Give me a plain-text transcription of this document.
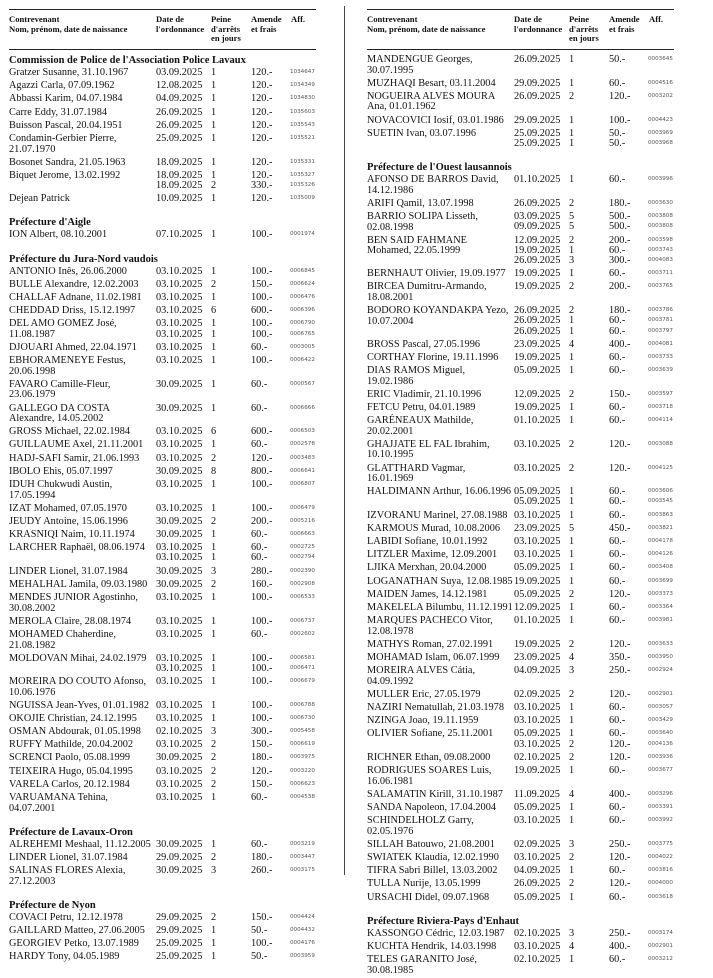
Contrevenant
Nom, prénom, date de naissance
Date de
l'ordonnance
Peine
d'arrêts
en jours
Amende
et frais
Aff.
Commission de Police de l'Association Police Lavaux
Gratzer Susanne, 31.10.1967	03.09.2025 1	120.-	1034647
Agazzi Carla, 07.09.1962	12.08.2025 1	120.-	1034349
Abbassi Karim, 04.07.1984	04.09.2025 1	120.-	1034830
Carre Eddy, 31.07.1984	26.09.2025 1	120.-	1035603
Buisson Pascal, 20.04.1951	26.09.2025 1	120.-	1035543
Condamin-Gerbier Pierre, 21.07.1970
25.09.2025 1	120.-	1035521
Bosonet Sandra, 21.05.1963	18.09.2025 1	120.-	1035331
Biquet Jerome, 13.02.1992	18.09.2025 1	120.-	1035327
18.09.2025 2	330.-	1035326
Dejean Patrick	10.09.2025 1	120.-	1035009
Préfecture d'Aigle
ION Albert, 08.10.2001	07.10.2025 1	100.-	0001974
Préfecture du Jura-Nord vaudois
ANTONIO Inês, 26.06.2000	03.10.2025 1	100.-	0006845
BULLE Alexandre, 12.02.2003	03.10.2025 2	150.-	0006624
CHALLAF Adnane, 11.02.1981	03.10.2025 1	100.-	0006476
CHEDDAD Driss, 15.12.1997	03.10.2025 6	600.-	0006396
DEL AMO GOMEZ José, 11.08.1987
03.10.2025 1	100.-	0006790
03.10.2025 1	100.-	0006765
DJOUARI Ahmed, 22.04.1971	03.10.2025 1	60.-	0003005
EBHORAMENEYE Festus, 20.06.1998
03.10.2025 1	100.-	0006422
FAVARO Camille-Fleur, 23.06.1979
30.09.2025 1	60.-	0000567
GALLEGO DA COSTA Alexandre, 14.05.2002
30.09.2025 1	60.-	0006666
GROSS Michael, 22.02.1984	03.10.2025 6	600.-	0006503
GUILLAUME Axel, 21.11.2001	03.10.2025 1	60.-	0002578
HADJ-SAFI Samir, 21.06.1993	03.10.2025 2	120.-	0003483
IBOLO Ehis, 05.07.1997	30.09.2025 8	800.-	0006641
IDUH Chukwudi Austin, 17.05.1994
03.10.2025 1	100.-	0006807
IZAT Mohamed, 07.05.1970	03.10.2025 1	100.-	0006479
JEUDY Antoine, 15.06.1996	30.09.2025 2	200.-	0005216
KRASNIQI Naim, 10.11.1974	30.09.2025 1	60.-	0006663
LARCHER Raphaël, 08.06.1974	03.10.2025 1	60.-	0002725
03.10.2025 1	60.-	0002794
LINDER Lionel, 31.07.1984	30.09.2025 3	280.-	0002390
MEHALHAL Jamila, 09.03.1980 30.09.2025 2	160.-	0002908
MENDES JUNIOR Agostinho, 30.08.2002
03.10.2025 1	100.-	0006533
MEROLA Claire, 28.08.1974	03.10.2025 1	100.-	0006737
MOHAMED Chaherdine, 21.08.1982
03.10.2025 1	60.-	0002602
MOLDOVAN Mihai, 24.02.1979 03.10.2025 1	100.-	0006581
03.10.2025 1	100.-	0006471
MOREIRA DO COUTO Afonso, 10.06.1976
03.10.2025 1	100.-	0006679
NGUISSA Jean-Yves, 01.01.1982 03.10.2025 1	100.-	0006788
OKOJIE Christian, 24.12.1995	03.10.2025 1	100.-	0006730
OSMAN Abdourak, 01.05.1998	02.10.2025 3	300.-	0005458
RUFFY Mathilde, 20.04.2002	03.10.2025 2	150.-	0006619
SCRENCI Paolo, 05.08.1999	30.09.2025 2	180.-	0003975
TEIXEIRA Hugo, 05.04.1995	03.10.2025 2	120.-	0003220
VARELA Carlos, 20.12.1984	03.10.2025 2	150.-	0006623
VARUAMANA Tehina, 04.07.2001
03.10.2025 1	60.-	0004538
Préfecture de Lavaux-Oron
ALREHEMI Meshaal, 11.12.2005 30.09.2025 1	60.-	0003219
LINDER Lionel, 31.07.1984	29.09.2025 2	180.-	0003447
SALINAS FLORES Alexia, 27.12.2003
30.09.2025 3	260.-	0003175
Préfecture de Nyon
COVACI Petru, 12.12.1978	29.09.2025 2	150.-	0004424
GAILLARD Matteo, 27.06.2005	29.09.2025 1	50.-	0004432
GEORGIEV Petko, 13.07.1989	25.09.2025 1	100.-	0004176
HARDY Tony, 04.05.1989	25.09.2025 1	50.-	0003959
Contrevenant
Nom, prénom, date de naissance
Date de
l'ordonnance
Peine
d'arrêts
en jours
Amende
et frais
Aff.
MANDENGUE Georges, 30.07.1995
26.09.2025 1	50.-	0003645
MUZHAQI Besart, 03.11.2004	29.09.2025 1	60.-	0004516
NOGUEIRA ALVES MOURA Ana, 01.01.1962
26.09.2025 2	120.-	0003202
NOVACOVICI Iosif, 03.01.1986 29.09.2025 1	100.-	0004423
SUETIN Ivan, 03.07.1996	25.09.2025 1	50.-	0003969
25.09.2025 1	50.-	0003968
Préfecture de l'Ouest lausannois
AFONSO DE BARROS David, 14.12.1986
01.10.2025 1	60.-	0003996
ARIFI Qamil, 13.07.1998	26.09.2025 2	180.-	0003630
BARRIO SOLIPA Lisseth, 02.08.1998
03.09.2025 5	500.-	0003808
09.09.2025 5	500.-	0003808
BEN SAID FAHMANE Mohamed, 22.05.1999
12.09.2025 2	200.-	0003598
19.09.2025 1	60.-	0003743
26.09.2025 3	300.-	0004083
BERNHAUT Olivier, 19.09.1977 19.09.2025 1	60.-	0003711
BIRCEA Dumitru-Armando, 18.08.2001
19.09.2025 2	200.-	0003765
BODORO KOYANDAKPA Yezo, 10.07.2004
26.09.2025 2	180.-	0003786
26.09.2025 1	60.-	0003781
26.09.2025 1	60.-	0003797
BROSS Pascal, 27.05.1996	23.09.2025 4	400.-	0004081
CORTHAY Florine, 19.11.1996	19.09.2025 1	60.-	0003733
DIAS RAMOS Miguel, 19.02.1986
05.09.2025 1	60.-	0003639
ERIC Vladimir, 21.10.1996	12.09.2025 2	150.-	0003597
FETCU Petru, 04.01.1989	19.09.2025 1	60.-	0003718
GARÉNEAUX Mathilde, 20.02.2001
01.10.2025 1	60.-	0004114
GHAJJATE EL FAL Ibrahim, 10.10.1995
03.10.2025 2	120.-	0003088
GLATTHARD Vagmar, 16.01.1969
03.10.2025 2	120.-	0004125
HALDIMANN Arthur, 16.06.1996 05.09.2025 1	60.-	0003606
05.09.2025 1	60.-	0003545
IZVORANU Marinel, 27.08.1988 03.10.2025 1	60.-	0003863
KARMOUS Murad, 10.08.2006	23.09.2025 5	450.-	0003821
LABIDI Sofiane, 10.01.1992	03.10.2025 1	60.-	0004178
LITZLER Maxime, 12.09.2001	03.10.2025 1	60.-	0004126
LJIKA Merxhan, 20.04.2000	05.09.2025 1	60.-	0003408
LOGANATHAN Suya, 12.08.1985 19.09.2025 1	60.-	0003699
MAIDEN James, 14.12.1981	05.09.2025 2	120.-	0003373
MAKELELA Bilumbu, 11.12.1991 12.09.2025 1	60.-	0003364
MARQUES PACHECO Vitor, 12.08.1978
01.10.2025 1	60.-	0003981
MATHYS Roman, 27.02.1991	19.09.2025 2	120.-	0003633
MOHAMAD Islam, 06.07.1999	23.09.2025 4	350.-	0003950
MOREIRA ALVES Cátia, 04.09.1992
04.09.2025 3	250.-	0002924
MULLER Eric, 27.05.1979	02.09.2025 2	120.-	0002901
NAZIRI Nematullah, 21.03.1978 03.10.2025 1	60.-	0003057
NZINGA Joao, 19.11.1959	03.10.2025 1	60.-	0003429
OLIVIER Sofiane, 25.11.2001	05.09.2025 1	60.-	0003640
03.10.2025 2	120.-	0004136
RICHNER Ethan, 09.08.2000	02.10.2025 2	120.-	0003936
RODRIGUES SOARES Luis, 16.06.1981
19.09.2025 1	60.-	0003677
SALAMATIN Kirill, 31.10.1987	11.09.2025 4	400.-	0003296
SANDA Napoleon, 17.04.2004	05.09.2025 1	60.-	0003391
SCHINDELHOLZ Garry, 02.05.1976
03.10.2025 1	60.-	0003992
SILLAH Batouwo, 21.08.2001	02.09.2025 3	250.-	0003775
SWIATEK Klaudia, 12.02.1990	03.10.2025 2	120.-	0004022
TIFRA Sabri Billel, 13.03.2002	04.09.2025 1	60.-	0003816
TULLA Nurije, 13.05.1999	26.09.2025 2	120.-	0004000
URSACHI Didel, 09.07.1968	05.09.2025 1	60.-	0003618
Préfecture Riviera-Pays d'Enhaut
KASSONGO Cédric, 12.03.1987 02.10.2025 3	250.-	0003174
KUCHTA Hendrik, 14.03.1998	03.10.2025 4	400.-	0002901
TELES GARANITO José, 30.08.1985
02.10.2025 1	60.-	0003212
